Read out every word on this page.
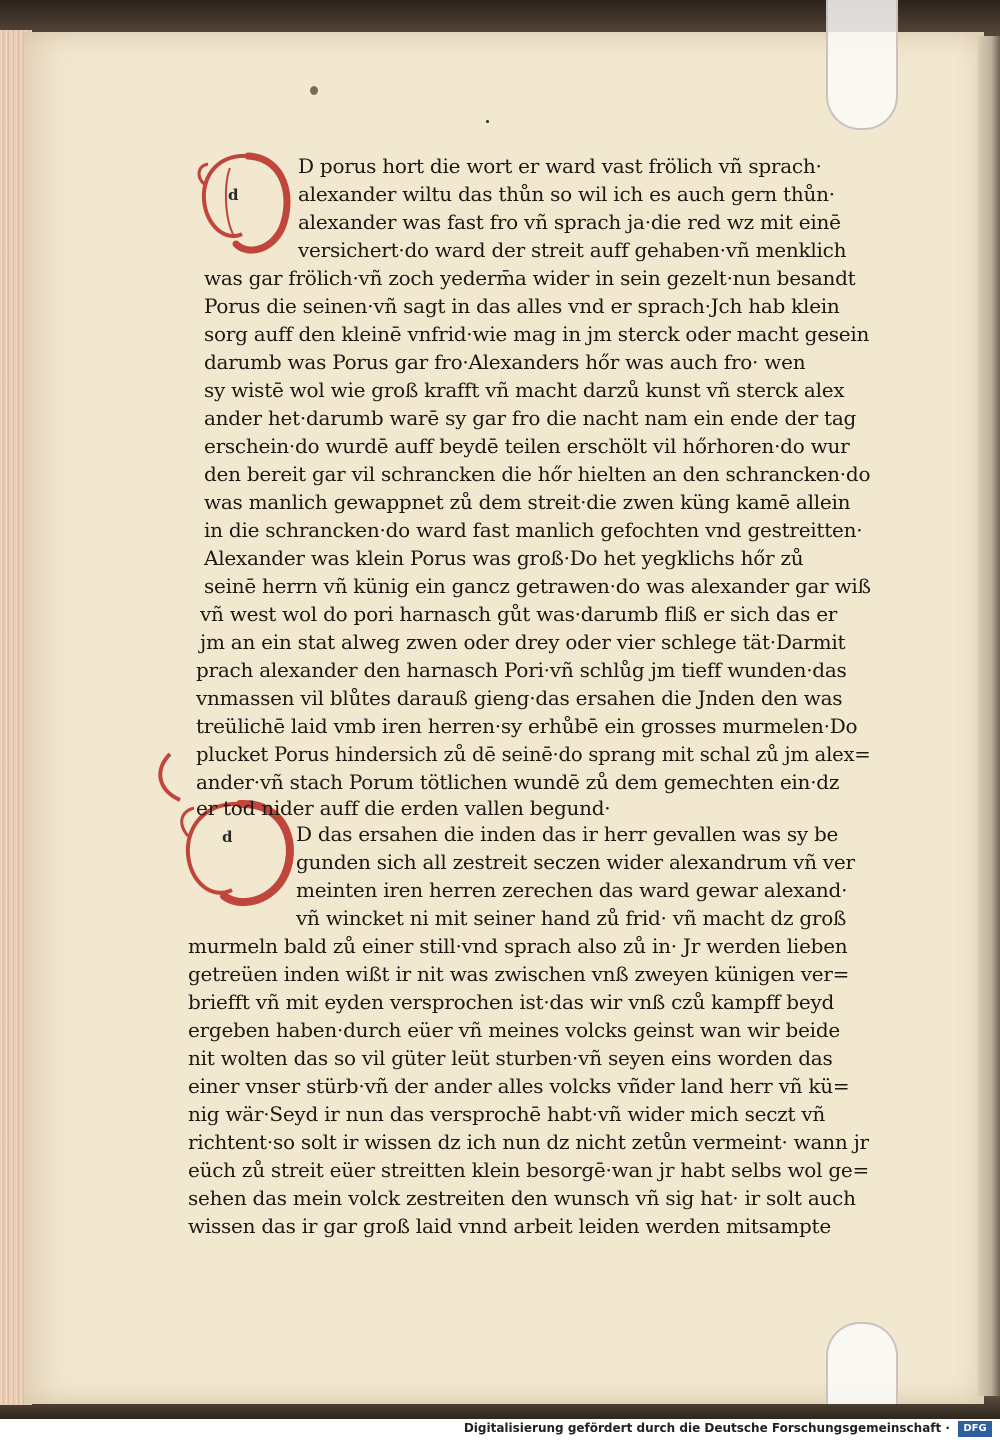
d
d
D porus hort die wort er ward vast frölich vñ sprach·
alexander wiltu das thůn so wil ich es auch gern thůn·
alexander was fast fro vñ sprach ja·die red wz mit einē
versichert·do ward der streit auff gehaben·vñ menklich
was gar frölich·vñ zoch yederm̄a wider in sein gezelt·nun besandt
Porus die seinen·vñ sagt in das alles vnd er sprach·Jch hab klein
sorg auff den kleinē vnfrid·wie mag in jm sterck oder macht gesein
darumb was Porus gar fro·Alexanders hőr was auch fro· wen
sy wistē wol wie groß krafft vñ macht darzů kunst vñ sterck alex
ander het·darumb warē sy gar fro die nacht nam ein ende der tag
erschein·do wurdē auff beydē teilen erschölt vil hőrhoren·do wur
den bereit gar vil schrancken die hőr hielten an den schrancken·do
was manlich gewappnet zů dem streit·die zwen küng kamē allein
in die schrancken·do ward fast manlich gefochten vnd gestreitten·
Alexander was klein Porus was groß·Do het yegklichs hőr zů
seinē herrn vñ künig ein gancz getrawen·do was alexander gar wiß
vñ west wol do pori harnasch gůt was·darumb fliß er sich das er
jm an ein stat alweg zwen oder drey oder vier schlege tät·Darmit
prach alexander den harnasch Pori·vñ schlůg jm tieff wunden·das
vnmassen vil blůtes darauß gieng·das ersahen die Jnden den was
treülichē laid vmb iren herren·sy erhůbē ein grosses murmelen·Do
plucket Porus hindersich zů dē seinē·do sprang mit schal zů jm alex=
ander·vñ stach Porum tötlichen wundē zů dem gemechten ein·dz
er tod nider auff die erden vallen begund·
D das ersahen die inden das ir herr gevallen was sy be
gunden sich all zestreit seczen wider alexandrum vñ ver
meinten iren herren zerechen das ward gewar alexand·
vñ wincket ni mit seiner hand zů frid· vñ macht dz groß
murmeln bald zů einer still·vnd sprach also zů in· Jr werden lieben
getreüen inden wißt ir nit was zwischen vnß zweyen künigen ver=
briefft vñ mit eyden versprochen ist·das wir vnß czů kampff beyd
ergeben haben·durch eüer vñ meines volcks geinst wan wir beide
nit wolten das so vil güter leüt sturben·vñ seyen eins worden das
einer vnser stürb·vñ der ander alles volcks vñder land herr vñ kü=
nig wär·Seyd ir nun das versprochē habt·vñ wider mich seczt vñ
richtent·so solt ir wissen dz ich nun dz nicht zetůn vermeint· wann jr
eüch zů streit eüer streitten klein besorgē·wan jr habt selbs wol ge=
sehen das mein volck zestreiten den wunsch vñ sig hat· ir solt auch
wissen das ir gar groß laid vnnd arbeit leiden werden mitsampte
Digitalisierung gefördert durch die Deutsche Forschungsgemeinschaft ·	DFG
